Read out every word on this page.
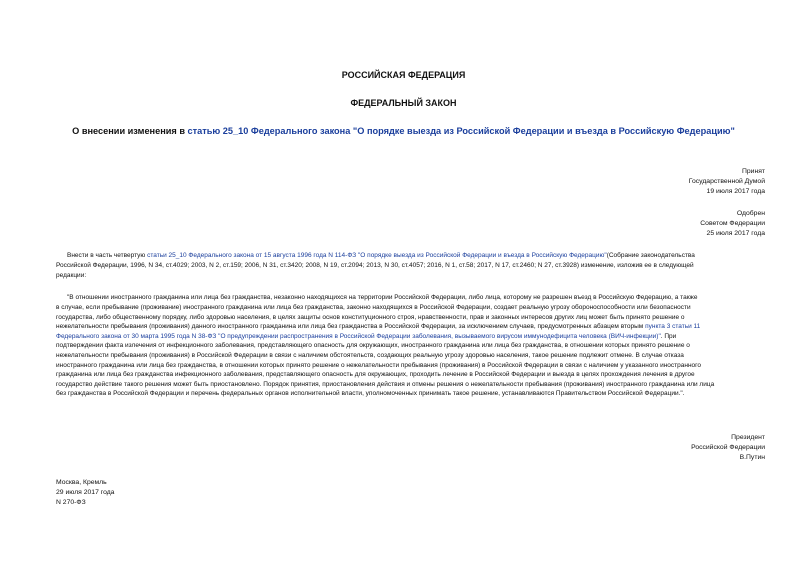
РОССИЙСКАЯ ФЕДЕРАЦИЯ
ФЕДЕРАЛЬНЫЙ ЗАКОН
О внесении изменения в статью 25_10 Федерального закона "О порядке выезда из Российской Федерации и въезда в Российскую Федерацию"
Принят
Государственной Думой
19 июля 2017 года
Одобрен
Советом Федерации
25 июля 2017 года
Внести в часть четвертую статьи 25_10 Федерального закона от 15 августа 1996 года N 114-ФЗ "О порядке выезда из Российской Федерации и въезда в Российскую Федерацию"(Собрание законодательства
Российской Федерации, 1996, N 34, ст.4029; 2003, N 2, ст.159; 2006, N 31, ст.3420; 2008, N 19, ст.2094; 2013, N 30, ст.4057; 2016, N 1, ст.58; 2017, N 17, ст.2460; N 27, ст.3928) изменение, изложив ее в следующей
редакции:
"В отношении иностранного гражданина или лица без гражданства, незаконно находящихся на территории Российской Федерации, либо лица, которому не разрешен въезд в Российскую Федерацию, а также
в случае, если пребывание (проживание) иностранного гражданина или лица без гражданства, законно находящихся в Российской Федерации, создает реальную угрозу обороноспособности или безопасности
государства, либо общественному порядку, либо здоровью населения, в целях защиты основ конституционного строя, нравственности, прав и законных интересов других лиц может быть принято решение о
нежелательности пребывания (проживания) данного иностранного гражданина или лица без гражданства в Российской Федерации, за исключением случаев, предусмотренных абзацем вторым пункта 3 статьи 11
Федерального закона от 30 марта 1995 года N 38-ФЗ "О предупреждении распространения в Российской Федерации заболевания, вызываемого вирусом иммунодефицита человека (ВИЧ-инфекции)". При
подтверждении факта излечения от инфекционного заболевания, представляющего опасность для окружающих, иностранного гражданина или лица без гражданства, в отношении которых принято решение о
нежелательности пребывания (проживания) в Российской Федерации в связи с наличием обстоятельств, создающих реальную угрозу здоровью населения, такое решение подлежит отмене. В случае отказа
иностранного гражданина или лица без гражданства, в отношении которых принято решение о нежелательности пребывания (проживания) в Российской Федерации в связи с наличием у указанного иностранного
гражданина или лица без гражданства инфекционного заболевания, представляющего опасность для окружающих, проходить лечение в Российской Федерации и выезда в целях прохождения лечения в другое
государство действие такого решения может быть приостановлено. Порядок принятия, приостановления действия и отмены решения о нежелательности пребывания (проживания) иностранного гражданина или лица
без гражданства в Российской Федерации и перечень федеральных органов исполнительной власти, уполномоченных принимать такое решение, устанавливаются Правительством Российской Федерации.".
Президент
Российской Федерации
В.Путин
Москва, Кремль
29 июля 2017 года
N 270-ФЗ
